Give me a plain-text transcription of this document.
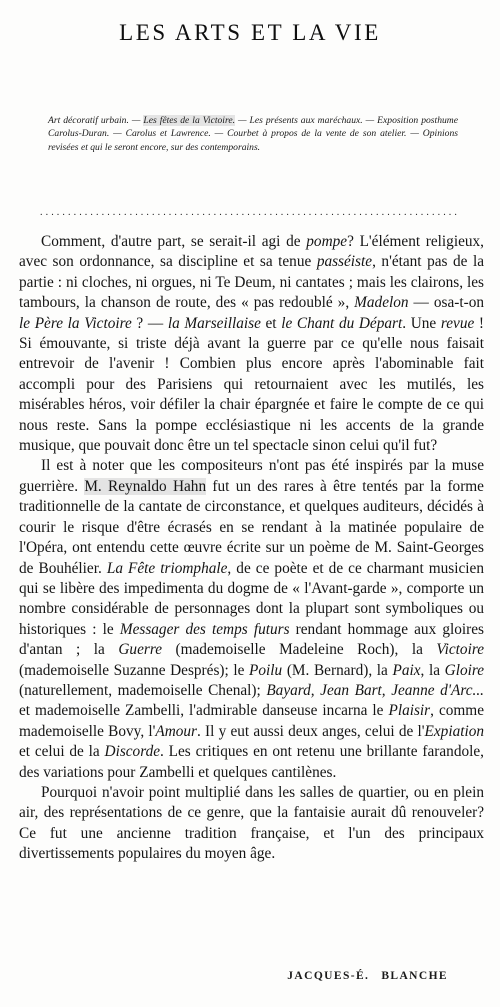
LES ARTS ET LA VIE

Art décoratif urbain. — Les fêtes de la Victoire. — Les présents aux maréchaux. — Exposition posthume Carolus-Duran. — Carolus et Lawrence. — Courbet à propos de la vente de son atelier. — Opinions revisées et qui le seront encore, sur des contemporains.

...........................................................................

Comment, d'autre part, se serait-il agi de pompe? L'élément religieux, avec son ordonnance, sa discipline et sa tenue passéiste, n'étant pas de la partie : ni cloches, ni orgues, ni Te Deum, ni cantates ; mais les clairons, les tambours, la chanson de route, des « pas redoublé », Madelon — osa-t-on le Père la Victoire ? — la Marseillaise et le Chant du Départ. Une revue ! Si émouvante, si triste déjà avant la guerre par ce qu'elle nous faisait entrevoir de l'avenir ! Combien plus encore après l'abominable fait accompli pour des Parisiens qui retournaient avec les mutilés, les misérables héros, voir défiler la chair épargnée et faire le compte de ce qui nous reste. Sans la pompe ecclésiastique ni les accents de la grande musique, que pouvait donc être un tel spectacle sinon celui qu'il fut?

Il est à noter que les compositeurs n'ont pas été inspirés par la muse guerrière. M. Reynaldo Hahn fut un des rares à être tentés par la forme traditionnelle de la cantate de circonstance, et quelques auditeurs, décidés à courir le risque d'être écrasés en se rendant à la matinée populaire de l'Opéra, ont entendu cette œuvre écrite sur un poème de M. Saint-Georges de Bouhélier. La Fête triomphale, de ce poète et de ce charmant musicien qui se libère des impedimenta du dogme de « l'Avant-garde », comporte un nombre considérable de personnages dont la plupart sont symboliques ou historiques : le Messager des temps futurs rendant hommage aux gloires d'antan ; la Guerre (mademoiselle Madeleine Roch), la Victoire (mademoiselle Suzanne Després); le Poilu (M. Bernard), la Paix, la Gloire (naturellement, mademoiselle Chenal); Bayard, Jean Bart, Jeanne d'Arc... et mademoiselle Zambelli, l'admirable danseuse incarna le Plaisir, comme mademoiselle Bovy, l'Amour. Il y eut aussi deux anges, celui de l'Expiation et celui de la Discorde. Les critiques en ont retenu une brillante farandole, des variations pour Zambelli et quelques cantilènes.

Pourquoi n'avoir point multiplié dans les salles de quartier, ou en plein air, des représentations de ce genre, que la fantaisie aurait dû renouveler? Ce fut une ancienne tradition française, et l'un des principaux divertissements populaires du moyen âge.

JACQUES-É. BLANCHE
